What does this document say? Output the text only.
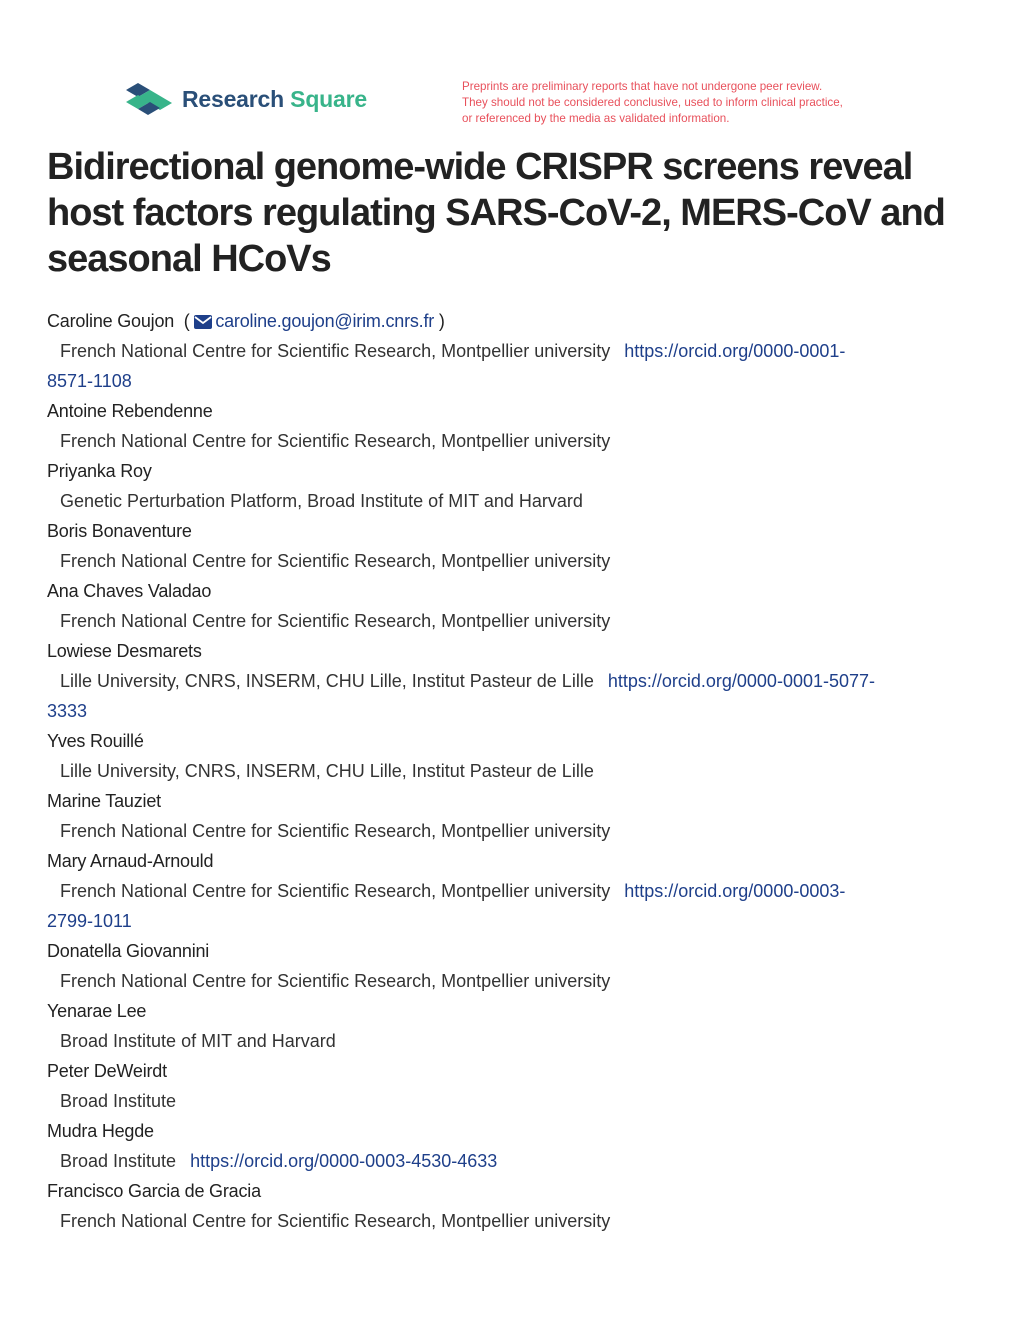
Research Square	Preprints are preliminary reports that have not undergone peer review.
They should not be considered conclusive, used to inform clinical practice,
or referenced by the media as validated information.
Bidirectional genome-wide CRISPR screens reveal host factors regulating SARS-CoV-2, MERS-CoV and seasonal HCoVs
Caroline Goujon ( caroline.goujon@irim.cnrs.fr )
French National Centre for Scientific Research, Montpellier university https://orcid.org/0000-0001-
8571-1108
Antoine Rebendenne
French National Centre for Scientific Research, Montpellier university
Priyanka Roy
Genetic Perturbation Platform, Broad Institute of MIT and Harvard
Boris Bonaventure
French National Centre for Scientific Research, Montpellier university
Ana Chaves Valadao
French National Centre for Scientific Research, Montpellier university
Lowiese Desmarets
Lille University, CNRS, INSERM, CHU Lille, Institut Pasteur de Lille https://orcid.org/0000-0001-5077-
3333
Yves Rouillé
Lille University, CNRS, INSERM, CHU Lille, Institut Pasteur de Lille
Marine Tauziet
French National Centre for Scientific Research, Montpellier university
Mary Arnaud-Arnould
French National Centre for Scientific Research, Montpellier university https://orcid.org/0000-0003-
2799-1011
Donatella Giovannini
French National Centre for Scientific Research, Montpellier university
Yenarae Lee
Broad Institute of MIT and Harvard
Peter DeWeirdt
Broad Institute
Mudra Hegde
Broad Institute https://orcid.org/0000-0003-4530-4633
Francisco Garcia de Gracia
French National Centre for Scientific Research, Montpellier university
